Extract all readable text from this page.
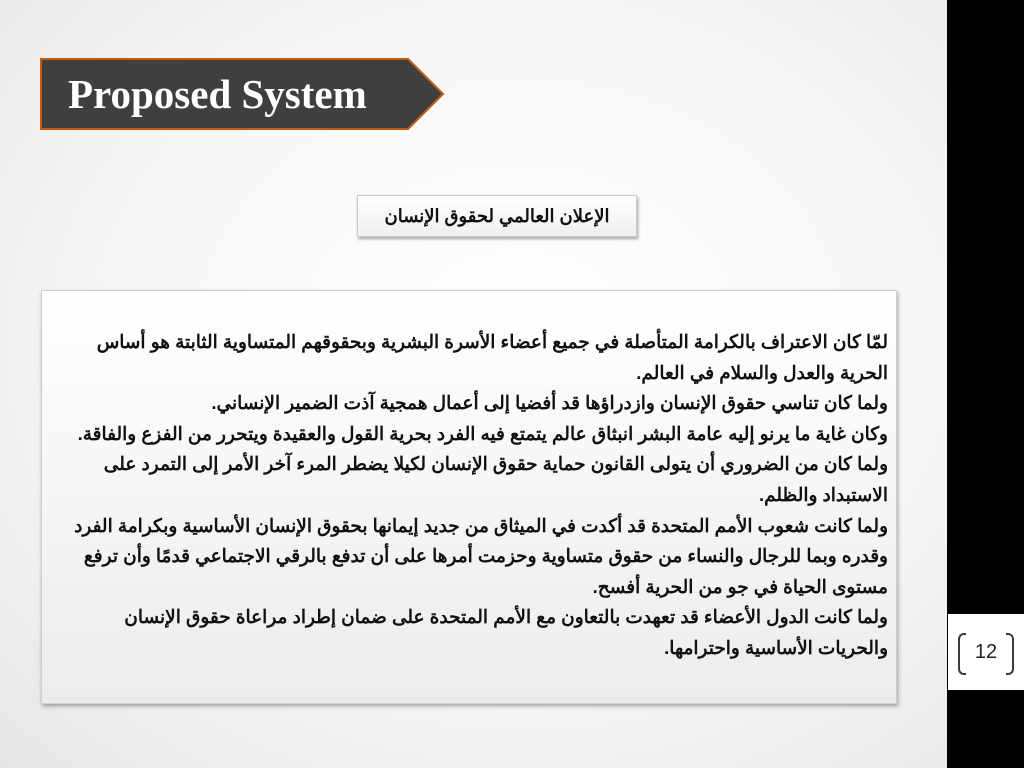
Proposed System
الإعلان العالمي لحقوق الإنسان

لمّا كان الاعتراف بالكرامة المتأصلة في جميع أعضاء الأسرة البشرية وبحقوقهم المتساوية الثابتة هو أساس الحرية والعدل والسلام في العالم.

ولما كان تناسي حقوق الإنسان وازدراؤها قد أفضيا إلى أعمال همجية آذت الضمير الإنساني.

وكان غاية ما يرنو إليه عامة البشر انبثاق عالم يتمتع فيه الفرد بحرية القول والعقيدة ويتحرر من الفزع والفاقة.

ولما كان من الضروري أن يتولى القانون حماية حقوق الإنسان لكيلا يضطر المرء آخر الأمر إلى التمرد على الاستبداد والظلم.

ولما كانت شعوب الأمم المتحدة قد أكدت في الميثاق من جديد إيمانها بحقوق الإنسان الأساسية وبكرامة الفرد وقدره وبما للرجال والنساء من حقوق متساوية وحزمت أمرها على أن تدفع بالرقي الاجتماعي قدمًا وأن ترفع مستوى الحياة في جو من الحرية أفسح.

ولما كانت الدول الأعضاء قد تعهدت بالتعاون مع الأمم المتحدة على ضمان إطراد مراعاة حقوق الإنسان والحريات الأساسية واحترامها.	12
